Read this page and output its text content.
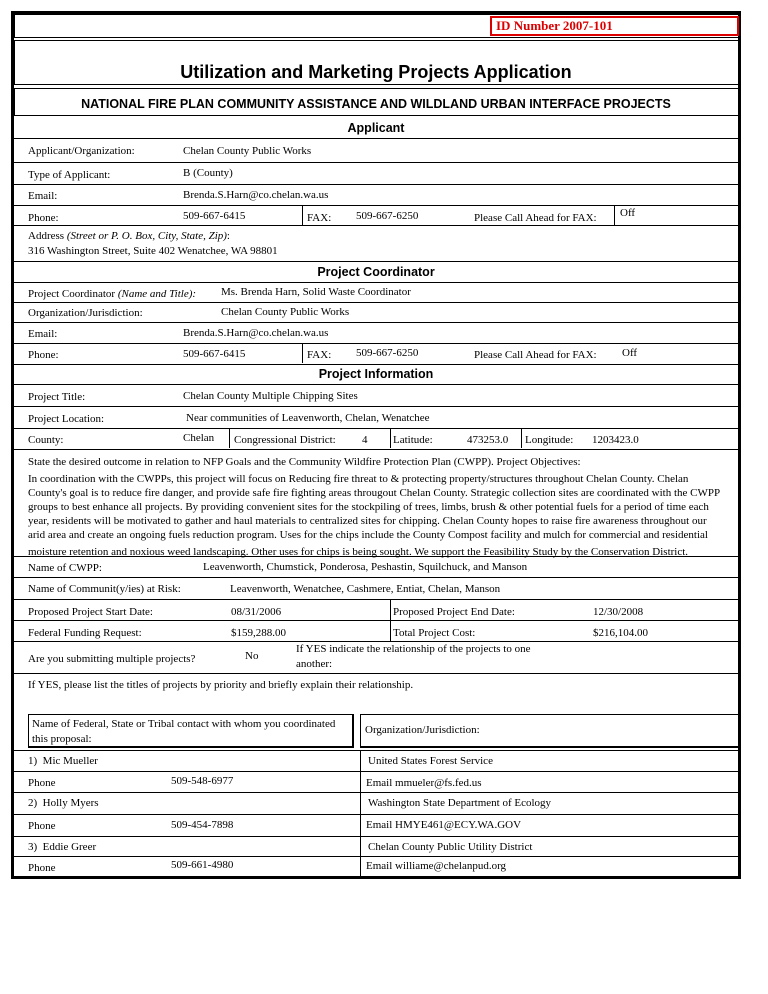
ID Number 2007-101
Utilization and Marketing Projects Application
NATIONAL FIRE PLAN COMMUNITY ASSISTANCE AND WILDLAND URBAN INTERFACE PROJECTS
Applicant
Applicant/Organization:	Chelan County Public Works
Type of Applicant:	B (County)
Email:	Brenda.S.Harn@co.chelan.wa.us
Phone:	509-667-6415	FAX: 509-667-6250	Please Call Ahead for FAX: Off
Address (Street or P. O. Box, City, State, Zip):
316 Washington Street, Suite 402 Wenatchee, WA 98801
Project Coordinator
Project Coordinator (Name and Title): Ms. Brenda Harn, Solid Waste Coordinator
Organization/Jurisdiction:	Chelan County Public Works
Email:	Brenda.S.Harn@co.chelan.wa.us
Phone:	509-667-6415	FAX: 509-667-6250	Please Call Ahead for FAX: Off
Project Information
Project Title:	Chelan County Multiple Chipping Sites
Project Location:	Near communities of Leavenworth, Chelan, Wenatchee
County:	Chelan Congressional District: 4 Latitude:	473253.0 Longitude: 1203423.0
State the desired outcome in relation to NFP Goals and the Community Wildfire Protection Plan (CWPP). Project Objectives:
In coordination with the CWPPs, this project will focus on Reducing fire threat to & protecting property/structures throughout Chelan County. Chelan
County's goal is to reduce fire danger, and provide safe fire fighting areas througout Chelan County. Strategic collection sites are coordinated with the CWPP
groups to best enhance all projects. By providing convenient sites for the stockpiling of trees, limbs, brush & other potential fuels for a period of time each
year, residents will be motivated to gather and haul materials to centralized sites for chipping. Chelan County hopes to raise fire awareness throughout our
arid area and create an ongoing fuels reduction program. Uses for the chips include the County Compost facility and mulch for commercial and residential
moisture retention and noxious weed landscaping. Other uses for chips is being sought. We support the Feasibility Study by the Conservation District.
Name of CWPP:	Leavenworth, Chumstick, Ponderosa, Peshastin, Squilchuck, and Manson
Name of Communit(y/ies) at Risk:	Leavenworth, Wenatchee, Cashmere, Entiat, Chelan, Manson
Proposed Project Start Date:	08/31/2006	Proposed Project End Date:	12/30/2008
Federal Funding Request:	$159,288.00	Total Project Cost:	$216,104.00
Are you submitting multiple projects?	No
If YES indicate the relationship of the projects to one
another:
If YES, please list the titles of projects by priority and briefly explain their relationship.
Name of Federal, State or Tribal contact with whom you coordinated
this proposal:
Organization/Jurisdiction:
1) Mic Mueller	United States Forest Service
Phone	509-548-6977	Email mmueler@fs.fed.us
2) Holly Myers	Washington State Department of Ecology
Phone	509-454-7898	Email HMYE461@ECY.WA.GOV
3) Eddie Greer	Chelan County Public Utility District
Phone	509-661-4980	Email williame@chelanpud.org
